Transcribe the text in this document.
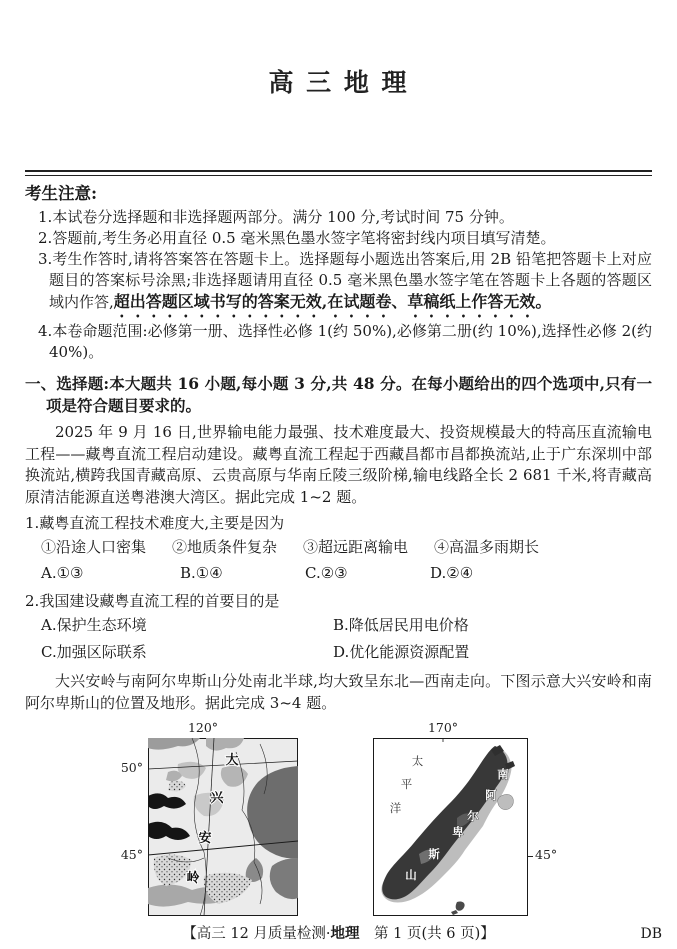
高 三 地 理
考生注意:

1.本试卷分选择题和非选择题两部分。满分 100 分,考试时间 75 分钟。

2.答题前,考生务必用直径 0.5 毫米黑色墨水签字笔将密封线内项目填写清楚。

3.考生作答时,请将答案答在答题卡上。选择题每小题选出答案后,用 2B 铅笔把答题卡上对应题目的答案标号涂黑;非选择题请用直径 0.5 毫米黑色墨水签字笔在答题卡上各题的答题区域内作答,超出答题区域书写的答案无效,在试题卷、草稿纸上作答无效。

4.本卷命题范围:必修第一册、选择性必修 1(约 50%),必修第二册(约 10%),选择性必修 2(约 40%)。

一、选择题:本大题共 16 小题,每小题 3 分,共 48 分。在每小题给出的四个选项中,只有一项是符合题目要求的。

2025 年 9 月 16 日,世界输电能力最强、技术难度最大、投资规模最大的特高压直流输电工程——藏粤直流工程启动建设。藏粤直流工程起于西藏昌都市昌都换流站,止于广东深圳中部换流站,横跨我国青藏高原、云贵高原与华南丘陵三级阶梯,输电线路全长 2 681 千米,将青藏高原清洁能源直送粤港澳大湾区。据此完成 1~2 题。

1.藏粤直流工程技术难度大,主要是因为

①沿途人口密集 ②地质条件复杂 ③超远距离输电 ④高温多雨期长
A.①③	B.①④	C.②③	D.②④

2.我国建设藏粤直流工程的首要目的是

A.保护生态环境	B.降低居民用电价格
C.加强区际联系	D.优化能源资源配置

大兴安岭与南阿尔卑斯山分处南北半球,均大致呈东北—西南走向。下图示意大兴安岭和南阿尔卑斯山的位置及地形。据此完成 3~4 题。

120°
50°
45°
大
兴
安
岭
170°
45°
太
平
洋
南
阿
尔
卑
斯
山
【高三 12 月质量检测·地理　第 1 页(共 6 页)】	DB
